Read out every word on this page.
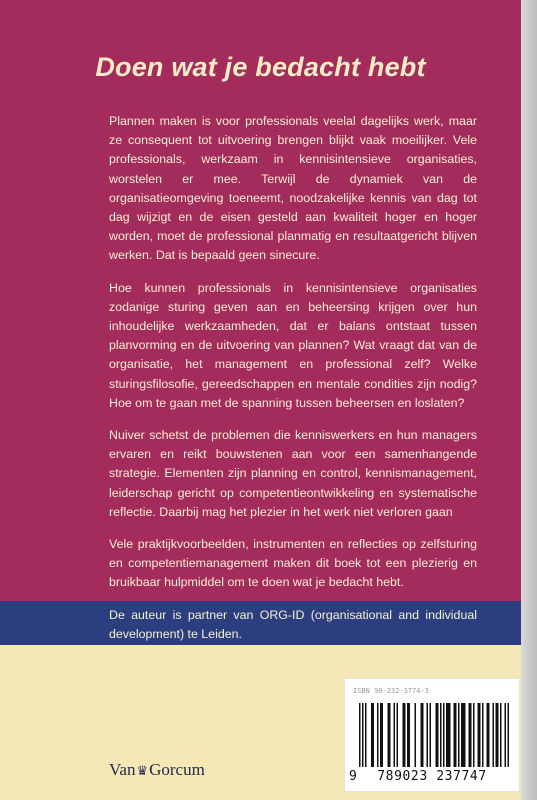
Doen wat je bedacht hebt

Plannen maken is voor professionals veelal dagelijks werk, maar ze consequent tot uitvoering brengen blijkt vaak moeilijker. Vele professionals, werkzaam in kennisintensieve organisaties, worstelen er mee. Terwijl de dynamiek van de organisatieomgeving toeneemt, noodzakelijke kennis van dag tot dag wijzigt en de eisen gesteld aan kwaliteit hoger en hoger worden, moet de professional planmatig en resultaatgericht blijven werken. Dat is bepaald geen sinecure.

Hoe kunnen professionals in kennisintensieve organisaties zodanige sturing geven aan en beheersing krijgen over hun inhoudelijke werkzaamheden, dat er balans ontstaat tussen planvorming en de uitvoering van plannen? Wat vraagt dat van de organisatie, het management en professional zelf? Welke sturingsfilosofie, gereedschappen en mentale condities zijn nodig? Hoe om te gaan met de spanning tussen beheersen en loslaten?

Nuiver schetst de problemen die kenniswerkers en hun managers ervaren en reikt bouwstenen aan voor een samenhangende strategie. Elementen zijn planning en control, kennismanagement, leiderschap gericht op competentieontwikkeling en systematische reflectie. Daarbij mag het plezier in het werk niet verloren gaan

Vele praktijkvoorbeelden, instrumenten en reflecties op zelfsturing en competentiemanagement maken dit boek tot een plezierig en bruikbaar hulpmiddel om te doen wat je bedacht hebt.

De auteur is partner van ORG-ID (organisational and individual development) te Leiden.

Van ♛ Gorcum
ISBN 90-232-3774-3
9	789023 237747
